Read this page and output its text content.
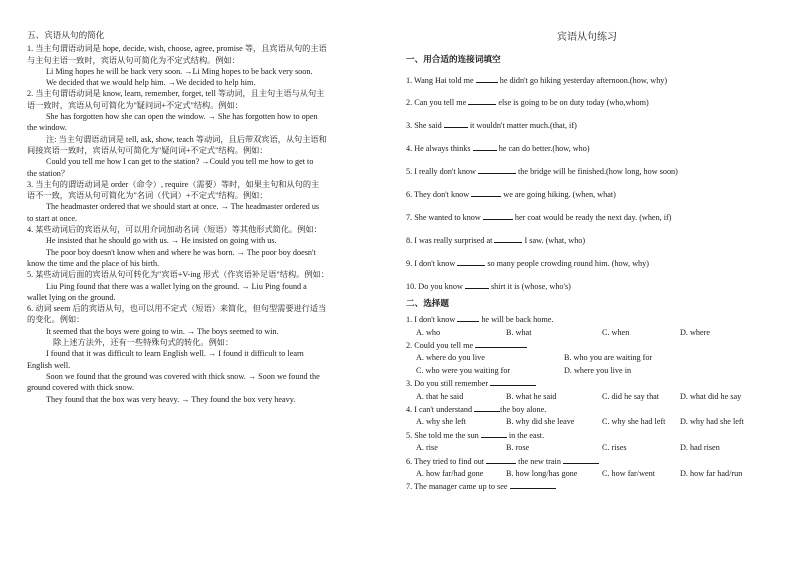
五、宾语从句的简化

1. 当主句谓语动词是 hope, decide, wish, choose, agree, promise 等，且宾语从句的主语

与主句主语一致时，宾语从句可简化为不定式结构。例如：

Li Ming hopes he will be back very soon. →Li Ming hopes to be back very soon.

We decided that we would help him. →We decided to help him.

2. 当主句谓语动词是 know, learn, remember, forget, tell 等动词，且主句主语与从句主

语一致时，宾语从句可简化为"疑问词+不定式"结构。例如：

She has forgotten how she can open the window. → She has forgotten how to open

the window.

注: 当主句谓语动词是 tell, ask, show, teach 等动词，且后带双宾语，从句主语和

间接宾语一致时，宾语从句可简化为"疑问词+不定式"结构。例如：

Could you tell me how I can get to the station? →Could you tell me how to get to

the station？

3. 当主句的谓语动词是 order（命令）, require（需要）等时，如果主句和从句的主

语不一致，宾语从句可简化为"名词（代词）+不定式"结构。例如：

The headmaster ordered that we should start at once. → The headmaster ordered us

to start at once.

4. 某些动词后的宾语从句，可以用介词加动名词（短语）等其他形式简化。例如：

He insisted that he should go with us. → He insisted on going with us.

The poor boy doesn't know when and where he was born. → The poor boy doesn't

know the time and the place of his birth.

5. 某些动词后面的宾语从句可转化为"宾语+V-ing 形式（作宾语补足语"结构。例如：

Liu Ping found that there was a wallet lying on the ground. → Liu Ping found a

wallet lying on the ground.

6. 动词 seem 后的宾语从句，也可以用不定式（短语）来简化，但句型需要进行适当

的变化。例如：

It seemed that the boys were going to win. → The boys seemed to win.

除上述方法外，还有一些特殊句式的转化。例如：

I found that it was difficult to learn English well. → I found it difficult to learn

English well.

Soon we found that the ground was covered with thick snow. → Soon we found the

ground covered with thick snow.

They found that the box was very heavy. → They found the box very heavy.

宾语从句练习

一、用合适的连接词填空

1. Wang Hai told me	he didn't go hiking yesterday afternoon.(how, why)
2. Can you tell me	else is going to be on duty today (who,whom)
3. She said	it wouldn't matter much.(that, if)
4. He always thinks	he can do better.(how, who)
5. I really don't know	the bridge will be finished.(how long, how soon)
6. They don't know	we are going hiking. (when, what)
7. She wanted to know	her coat would be ready the next day. (when, if)
8. I was really surprised at	I saw. (what, who)
9. I don't know	so many people crowding round him. (how, why)
10. Do you know	shirt it is (whose, who's)

二、选择题

1. I don't know	he will be back home.
A. who	B. what	C. when	D. where
2. Could you tell me
A. where do you live	B. who you are waiting for
C. who were you waiting for	D. where you live in
3. Do you still remember
A. that he said	B. what he said	C. did he say that	D. what did he say
4. I can't understand	the boy alone.
A. why she left	B. why did she leave	C. why she had left	D. why had she left
5. She told me the sun	in the east.
A. rise	B. rose	C. rises	D. had risen
6. They tried to find out	the new train
A. how far/had gone	B. how long/has gone	C. how far/went	D. how far had/run
7. The manager came up to see
